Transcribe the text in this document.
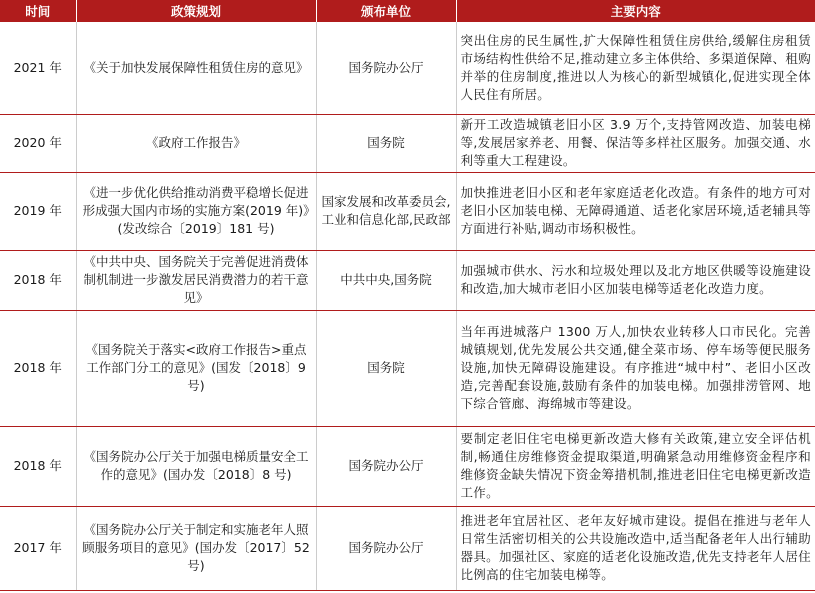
时间	政策规划	颁布单位	主要内容
2021 年	《关于加快发展保障性租赁住房的意见》	国务院办公厅	突出住房的民生属性,扩大保障性租赁住房供给,缓解住房租赁市场结构性供给不足,推动建立多主体供给、多渠道保障、租购并举的住房制度,推进以人为核心的新型城镇化,促进实现全体人民住有所居。
2020 年	《政府工作报告》	国务院	新开工改造城镇老旧小区 3.9 万个,支持管网改造、加装电梯等,发展居家养老、用餐、保洁等多样社区服务。加强交通、水利等重大工程建设。
2019 年	《进一步优化供给推动消费平稳增长促进形成强大国内市场的实施方案(2019 年)》(发改综合〔2019〕181 号)	国家发展和改革委员会,工业和信息化部,民政部	加快推进老旧小区和老年家庭适老化改造。有条件的地方可对老旧小区加装电梯、无障碍通道、适老化家居环境,适老辅具等方面进行补贴,调动市场积极性。
2018 年	《中共中央、国务院关于完善促进消费体制机制进一步激发居民消费潜力的若干意见》	中共中央,国务院	加强城市供水、污水和垃圾处理以及北方地区供暖等设施建设和改造,加大城市老旧小区加装电梯等适老化改造力度。
2018 年	《国务院关于落实<政府工作报告>重点工作部门分工的意见》(国发〔2018〕9 号)	国务院	当年再进城落户 1300 万人,加快农业转移人口市民化。完善城镇规划,优先发展公共交通,健全菜市场、停车场等便民服务设施,加快无障碍设施建设。有序推进“城中村”、老旧小区改造,完善配套设施,鼓励有条件的加装电梯。加强排涝管网、地下综合管廊、海绵城市等建设。
2018 年	《国务院办公厅关于加强电梯质量安全工作的意见》(国办发〔2018〕8 号)	国务院办公厅	要制定老旧住宅电梯更新改造大修有关政策,建立安全评估机制,畅通住房维修资金提取渠道,明确紧急动用维修资金程序和维修资金缺失情况下资金筹措机制,推进老旧住宅电梯更新改造工作。
2017 年	《国务院办公厅关于制定和实施老年人照顾服务项目的意见》(国办发〔2017〕52 号)	国务院办公厅	推进老年宜居社区、老年友好城市建设。提倡在推进与老年人日常生活密切相关的公共设施改造中,适当配备老年人出行辅助器具。加强社区、家庭的适老化设施改造,优先支持老年人居住比例高的住宅加装电梯等。
